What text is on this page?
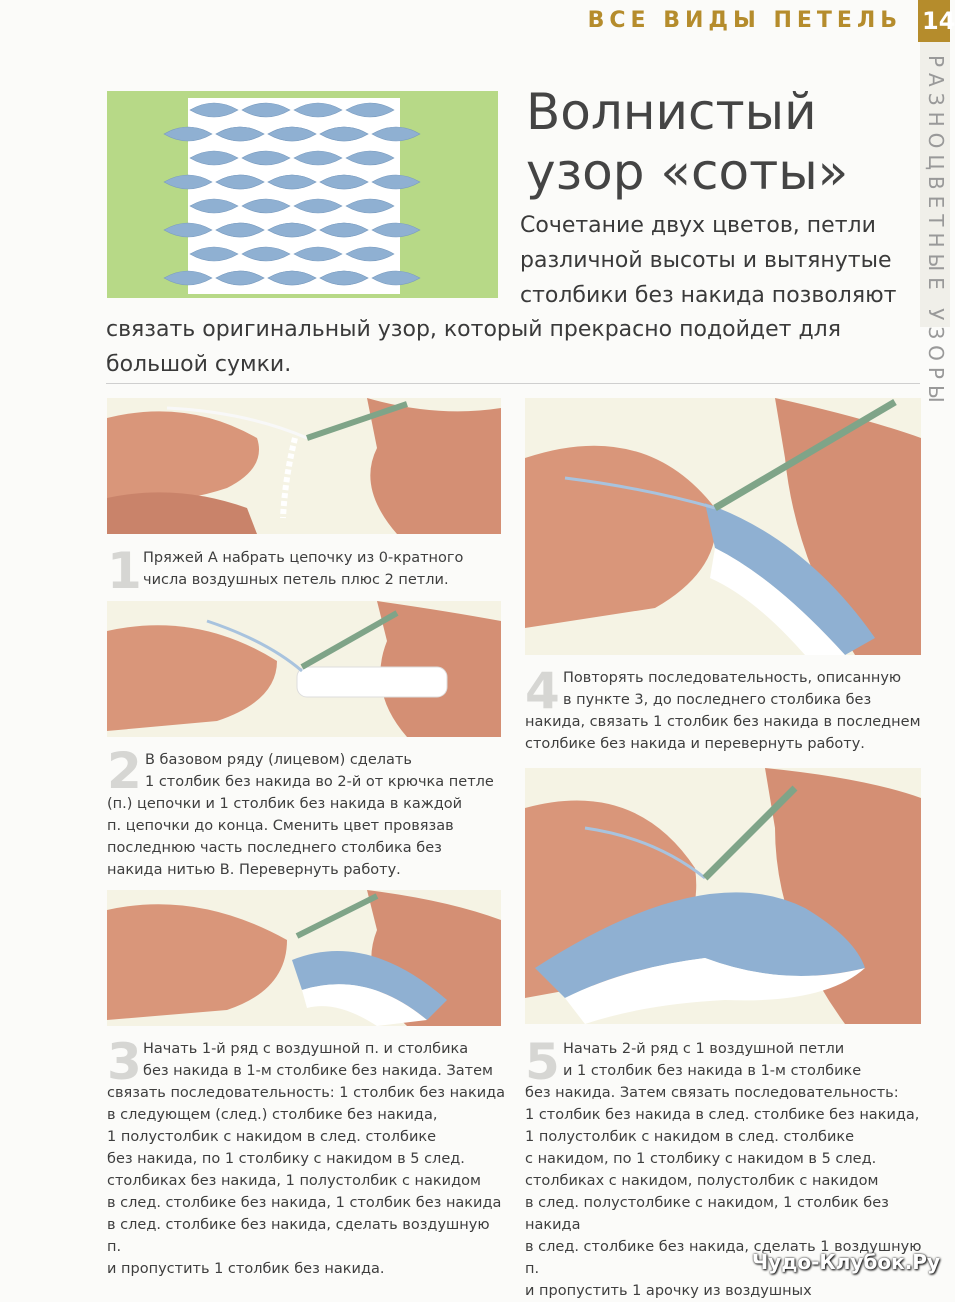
ВСЕ ВИДЫ ПЕТЕЛЬ 14
РАЗНОЦВЕТНЫЕ УЗОРЫ
Волнистый
узор «соты»
Сочетание двух цветов, петли
различной высоты и вытянутые
столбики без накида позволяют
связать оригинальный узор, который прекрасно подойдет для
большой сумки.
1 Пряжей А набрать цепочку из 0-кратного
числа воздушных петель плюс 2 петли.
2 В базовом ряду (лицевом) сделать
1 столбик без накида во 2-й от крючка петле
(п.) цепочки и 1 столбик без накида в каждой
п. цепочки до конца. Сменить цвет провязав
последнюю часть последнего столбика без
накида нитью В. Перевернуть работу.
3 Начать 1-й ряд с воздушной п. и столбика
без накида в 1-м столбике без накида. Затем
связать последовательность: 1 столбик без накида
в следующем (след.) столбике без накида,
1 полустолбик с накидом в след. столбике
без накида, по 1 столбику с накидом в 5 след.
столбиках без накида, 1 полустолбик с накидом
в след. столбике без накида, 1 столбик без накида
в след. столбике без накида, сделать воздушную п.
и пропустить 1 столбик без накида.
4 Повторять последовательность, описанную
в пункте 3, до последнего столбика без
накида, связать 1 столбик без накида в последнем
столбике без накида и перевернуть работу.
5 Начать 2-й ряд с 1 воздушной петли
и 1 столбик без накида в 1-м столбике
без накида. Затем связать последовательность:
1 столбик без накида в след. столбике без накида,
1 полустолбик с накидом в след. столбике
с накидом, по 1 столбику с накидом в 5 след.
столбиках с накидом, полустолбик с накидом
в след. полустолбике с накидом, 1 столбик без накида
в след. столбике без накида, сделать 1 воздушную п.
и пропустить 1 арочку из воздушных
Чудо-Клубок.Ру
